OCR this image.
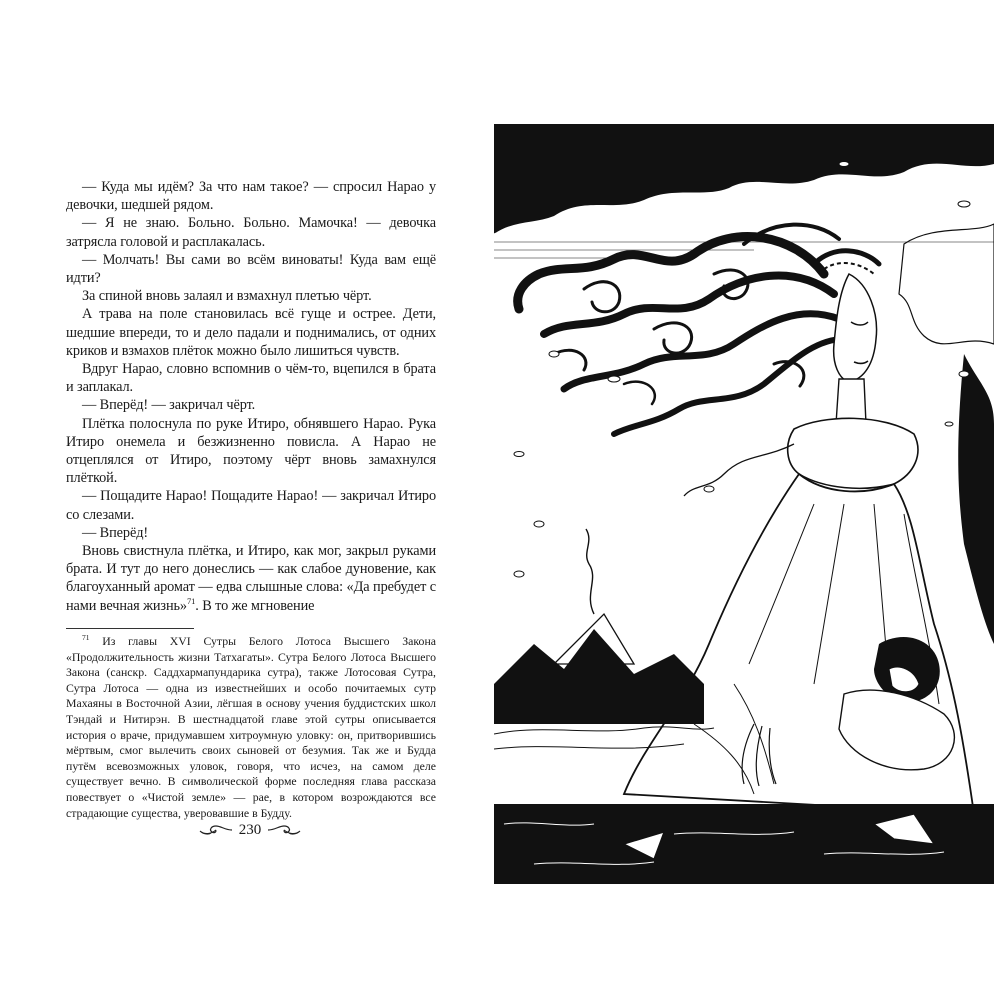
— Куда мы идём? За что нам такое? — спросил Нарао у девочки, шедшей рядом.

— Я не знаю. Больно. Больно. Мамочка! — девочка затрясла головой и расплакалась.

— Молчать! Вы сами во всём виноваты! Куда вам ещё идти?

За спиной вновь залаял и взмахнул плетью чёрт.

А трава на поле становилась всё гуще и острее. Дети, шедшие впереди, то и дело падали и поднимались, от одних криков и взмахов плёток можно было лишиться чувств.

Вдруг Нарао, словно вспомнив о чём-то, вцепился в брата и заплакал.

— Вперёд! — закричал чёрт.

Плётка полоснула по руке Итиро, обнявшего Нарао. Рука Итиро онемела и безжизненно повисла. А Нарао не отцеплялся от Итиро, поэтому чёрт вновь замахнулся плёткой.

— Пощадите Нарао! Пощадите Нарао! — закричал Итиро со слезами.

— Вперёд!

Вновь свистнула плётка, и Итиро, как мог, закрыл руками брата. И тут до него донеслись — как слабое дуновение, как благоуханный аромат — едва слышные слова: «Да пребудет с нами вечная жизнь»$^{71}$. В то же мгновение

$^{71}$ Из главы XVI Сутры Белого Лотоса Высшего Закона «Продолжительность жизни Татхагаты». Сутра Белого Лотоса Высшего Закона (санскр. Саддхармапундарика сутра), также Лотосовая Сутра, Сутра Лотоса — одна из известнейших и особо почитаемых сутр Махаяны в Восточной Азии, лёгшая в основу учения буддистских школ Тэндай и Нитирэн. В шестнадцатой главе этой сутры описывается история о враче, придумавшем хитроумную уловку: он, притворившись мёртвым, смог вылечить своих сыновей от безумия. Так же и Будда путём всевозможных уловок, говоря, что исчез, на самом деле существует вечно. В символической форме последняя глава рассказа повествует о «Чистой земле» — рае, в котором возрождаются все страдающие существа, уверовавшие в Будду.

230
